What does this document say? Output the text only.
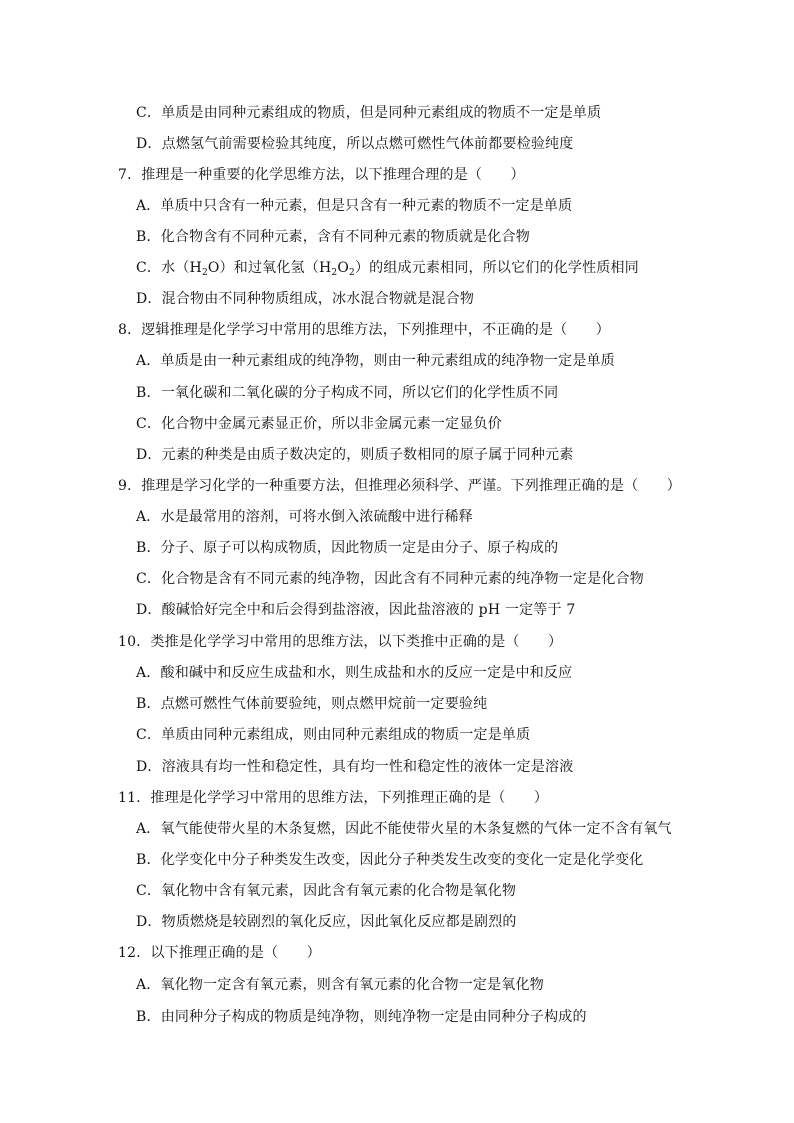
C．单质是由同种元素组成的物质，但是同种元素组成的物质不一定是单质
D．点燃氢气前需要检验其纯度，所以点燃可燃性气体前都要检验纯度
7．推理是一种重要的化学思维方法，以下推理合理的是（　　）
A．单质中只含有一种元素，但是只含有一种元素的物质不一定是单质
B．化合物含有不同种元素，含有不同种元素的物质就是化合物
C．水$(H_2O)$和过氧化氢$(H_2O_2)$的组成元素相同，所以它们的化学性质相同
D．混合物由不同种物质组成，冰水混合物就是混合物
8．逻辑推理是化学学习中常用的思维方法，下列推理中，不正确的是（　　）
A．单质是由一种元素组成的纯净物，则由一种元素组成的纯净物一定是单质
B．一氧化碳和二氧化碳的分子构成不同，所以它们的化学性质不同
C．化合物中金属元素显正价，所以非金属元素一定显负价
D．元素的种类是由质子数决定的，则质子数相同的原子属于同种元素
9．推理是学习化学的一种重要方法，但推理必须科学、严谨。下列推理正确的是（　　）
A．水是最常用的溶剂，可将水倒入浓硫酸中进行稀释
B．分子、原子可以构成物质，因此物质一定是由分子、原子构成的
C．化合物是含有不同元素的纯净物，因此含有不同种元素的纯净物一定是化合物
D．酸碱恰好完全中和后会得到盐溶液，因此盐溶液的 pH 一定等于 7
10．类推是化学学习中常用的思维方法，以下类推中正确的是（　　）
A．酸和碱中和反应生成盐和水，则生成盐和水的反应一定是中和反应
B．点燃可燃性气体前要验纯，则点燃甲烷前一定要验纯
C．单质由同种元素组成，则由同种元素组成的物质一定是单质
D．溶液具有均一性和稳定性，具有均一性和稳定性的液体一定是溶液
11．推理是化学学习中常用的思维方法，下列推理正确的是（　　）
A．氧气能使带火星的木条复燃，因此不能使带火星的木条复燃的气体一定不含有氧气
B．化学变化中分子种类发生改变，因此分子种类发生改变的变化一定是化学变化
C．氧化物中含有氧元素，因此含有氧元素的化合物是氧化物
D．物质燃烧是较剧烈的氧化反应，因此氧化反应都是剧烈的
12．以下推理正确的是（　　）
A．氧化物一定含有氧元素，则含有氧元素的化合物一定是氧化物
B．由同种分子构成的物质是纯净物，则纯净物一定是由同种分子构成的
